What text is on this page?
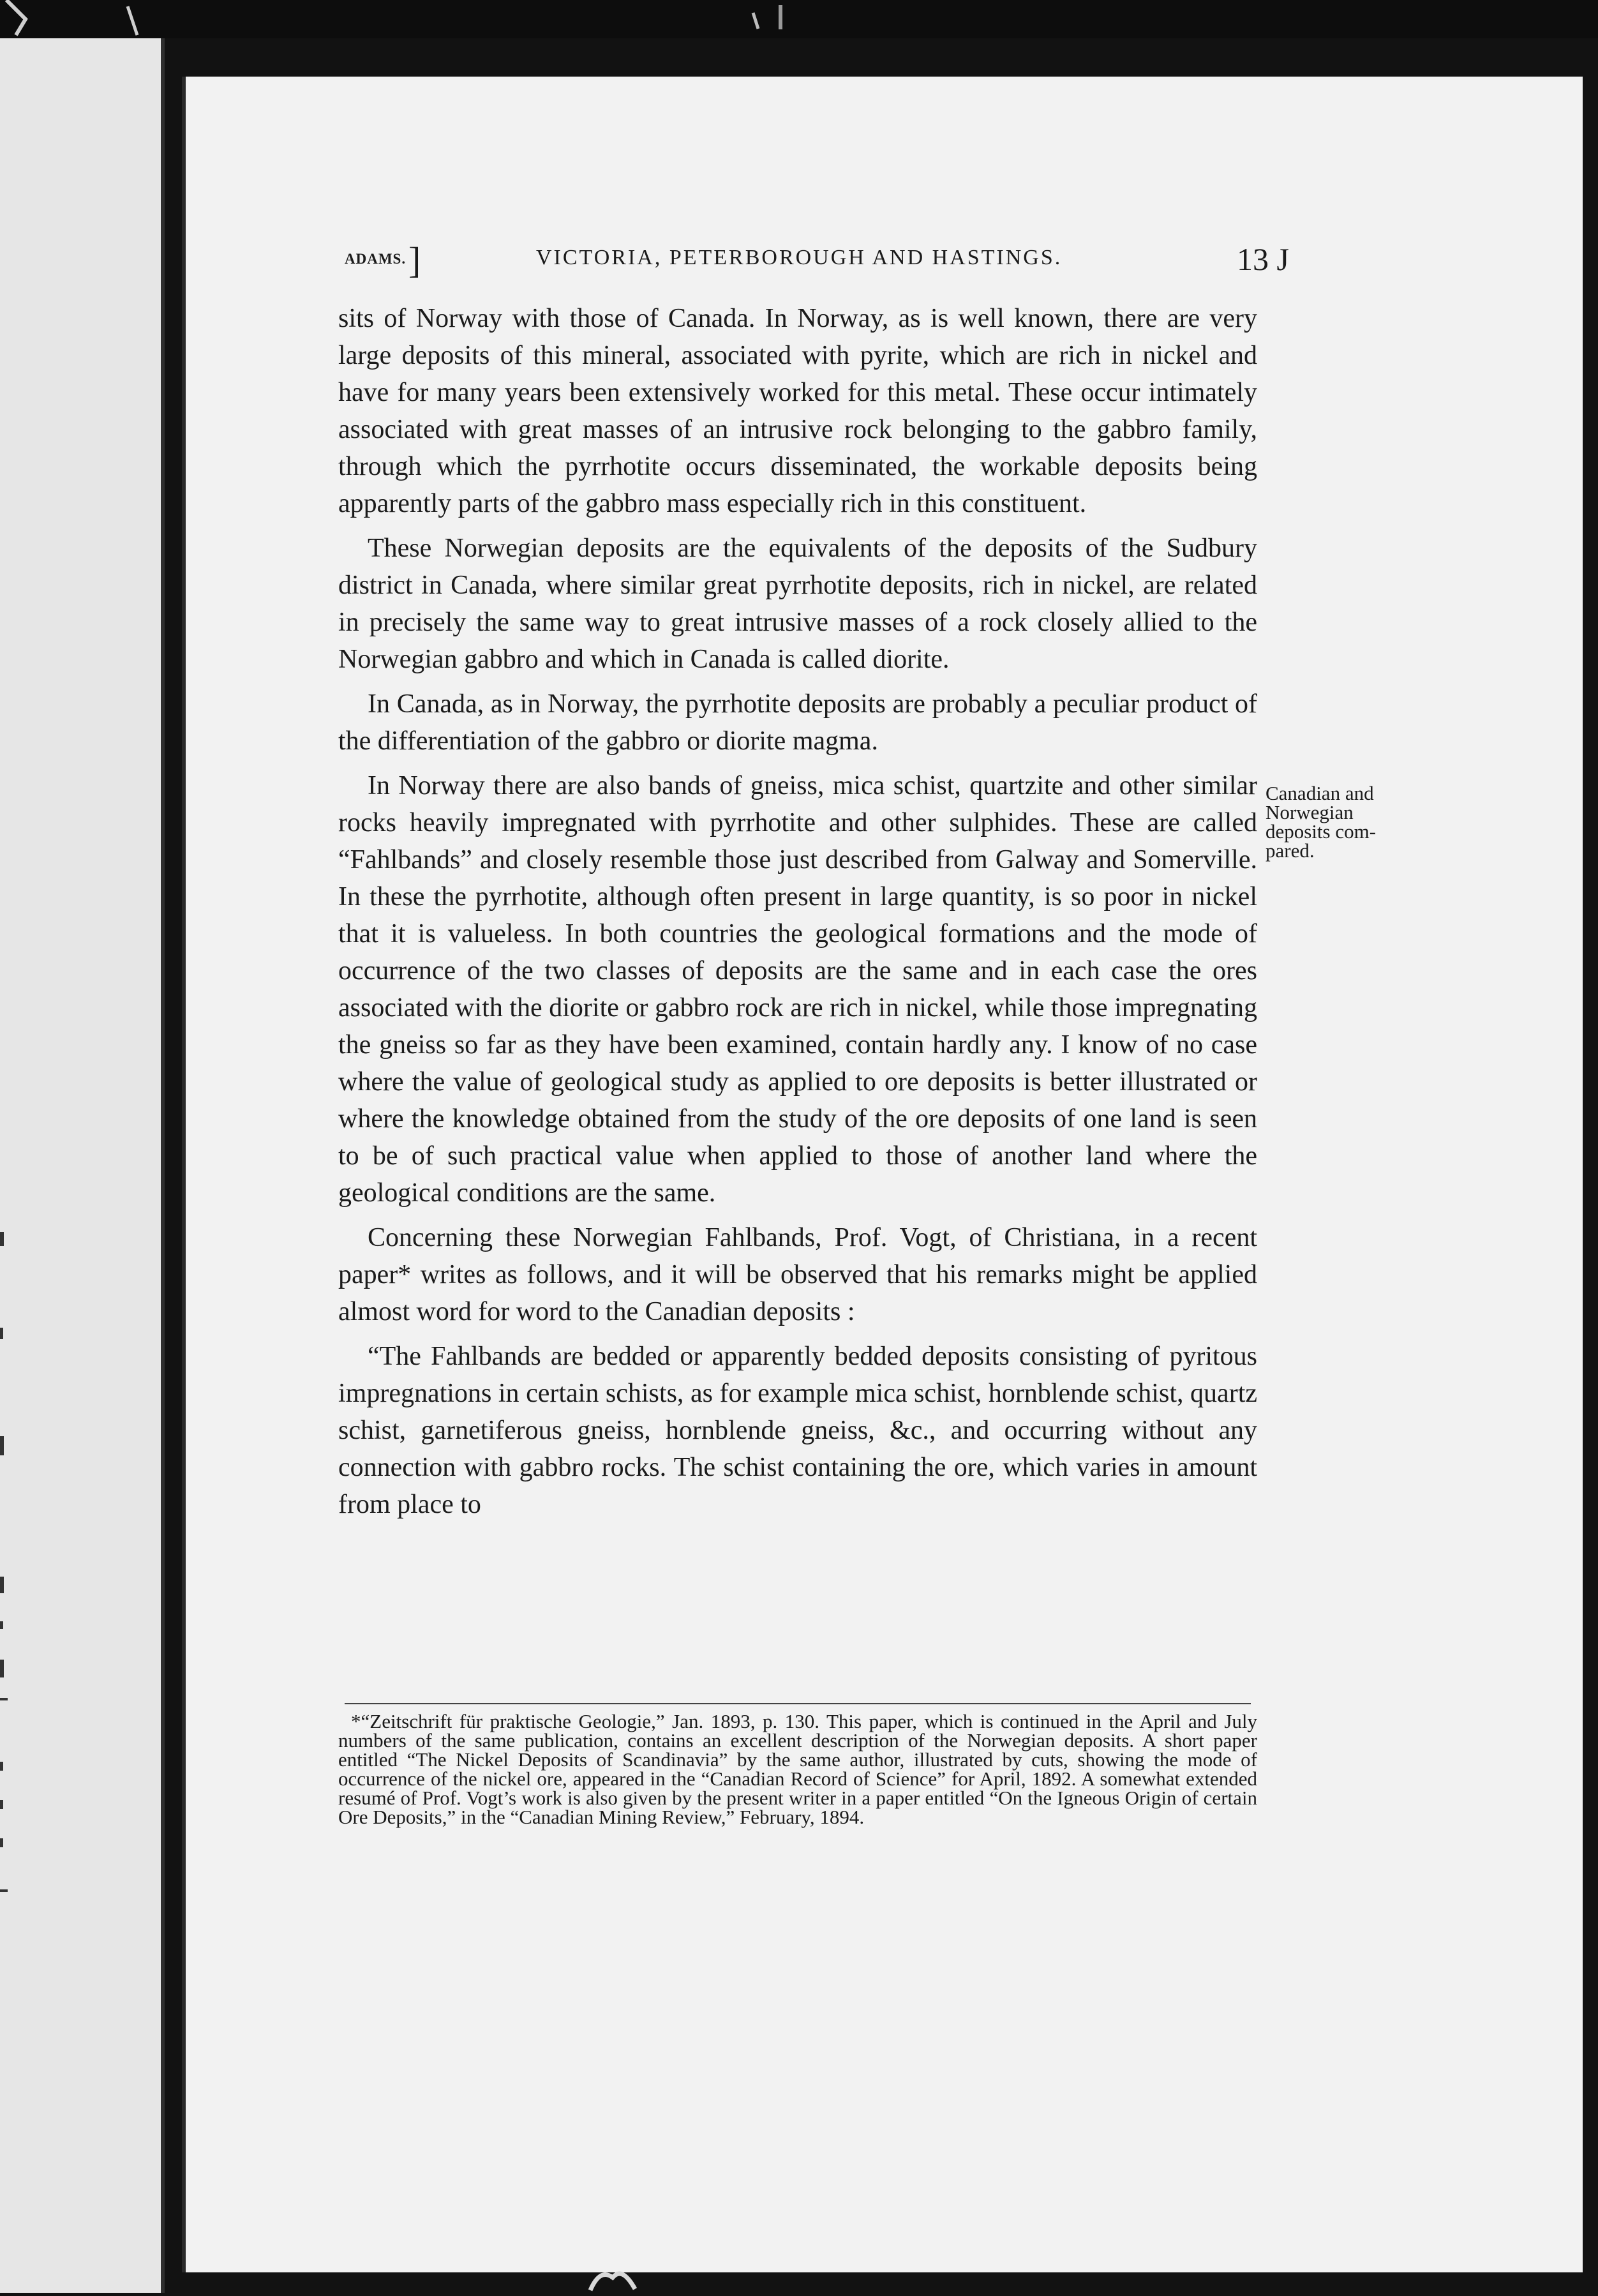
ADAMS. ]	VICTORIA, PETERBOROUGH AND HASTINGS.	13 J

sits of Norway with those of Canada. In Norway, as is well known, there are very large deposits of this mineral, associated with pyrite, which are rich in nickel and have for many years been extensively worked for this metal. These occur intimately associated with great masses of an intrusive rock belonging to the gabbro family, through which the pyrrhotite occurs disseminated, the workable deposits being apparently parts of the gabbro mass especially rich in this constituent.

These Norwegian deposits are the equivalents of the deposits of the Sudbury district in Canada, where similar great pyrrhotite deposits, rich in nickel, are related in precisely the same way to great intrusive masses of a rock closely allied to the Norwegian gabbro and which in Canada is called diorite.

In Canada, as in Norway, the pyrrhotite deposits are probably a peculiar product of the differentiation of the gabbro or diorite magma.

In Norway there are also bands of gneiss, mica schist, quartzite and other similar rocks heavily impregnated with pyrrhotite and other sulphides. These are called “Fahlbands” and closely resemble those just described from Galway and Somerville. In these the pyrrhotite, although often present in large quantity, is so poor in nickel that it is valueless. In both countries the geological formations and the mode of occurrence of the two classes of deposits are the same and in each case the ores associated with the diorite or gabbro rock are rich in nickel, while those impregnating the gneiss so far as they have been examined, contain hardly any. I know of no case where the value of geological study as applied to ore deposits is better illustrated or where the knowledge obtained from the study of the ore deposits of one land is seen to be of such practical value when applied to those of another land where the geological conditions are the same.

Concerning these Norwegian Fahlbands, Prof. Vogt, of Christiana, in a recent paper* writes as follows, and it will be observed that his remarks might be applied almost word for word to the Canadian deposits :

“The Fahlbands are bedded or apparently bedded deposits consisting of pyritous impregnations in certain schists, as for example mica schist, hornblende schist, quartz schist, garnetiferous gneiss, hornblende gneiss, &c., and occurring without any connection with gabbro rocks. The schist containing the ore, which varies in amount from place to

Canadian and
Norwegian
deposits com-
pared.

*“Zeitschrift für praktische Geologie,” Jan. 1893, p. 130. This paper, which is continued in the April and July numbers of the same publication, contains an excellent description of the Norwegian deposits. A short paper entitled “The Nickel Deposits of Scandinavia” by the same author, illustrated by cuts, showing the mode of occurrence of the nickel ore, appeared in the “Canadian Record of Science” for April, 1892. A somewhat extended resumé of Prof. Vogt’s work is also given by the present writer in a paper entitled “On the Igneous Origin of certain Ore Deposits,” in the “Canadian Mining Review,” February, 1894.
